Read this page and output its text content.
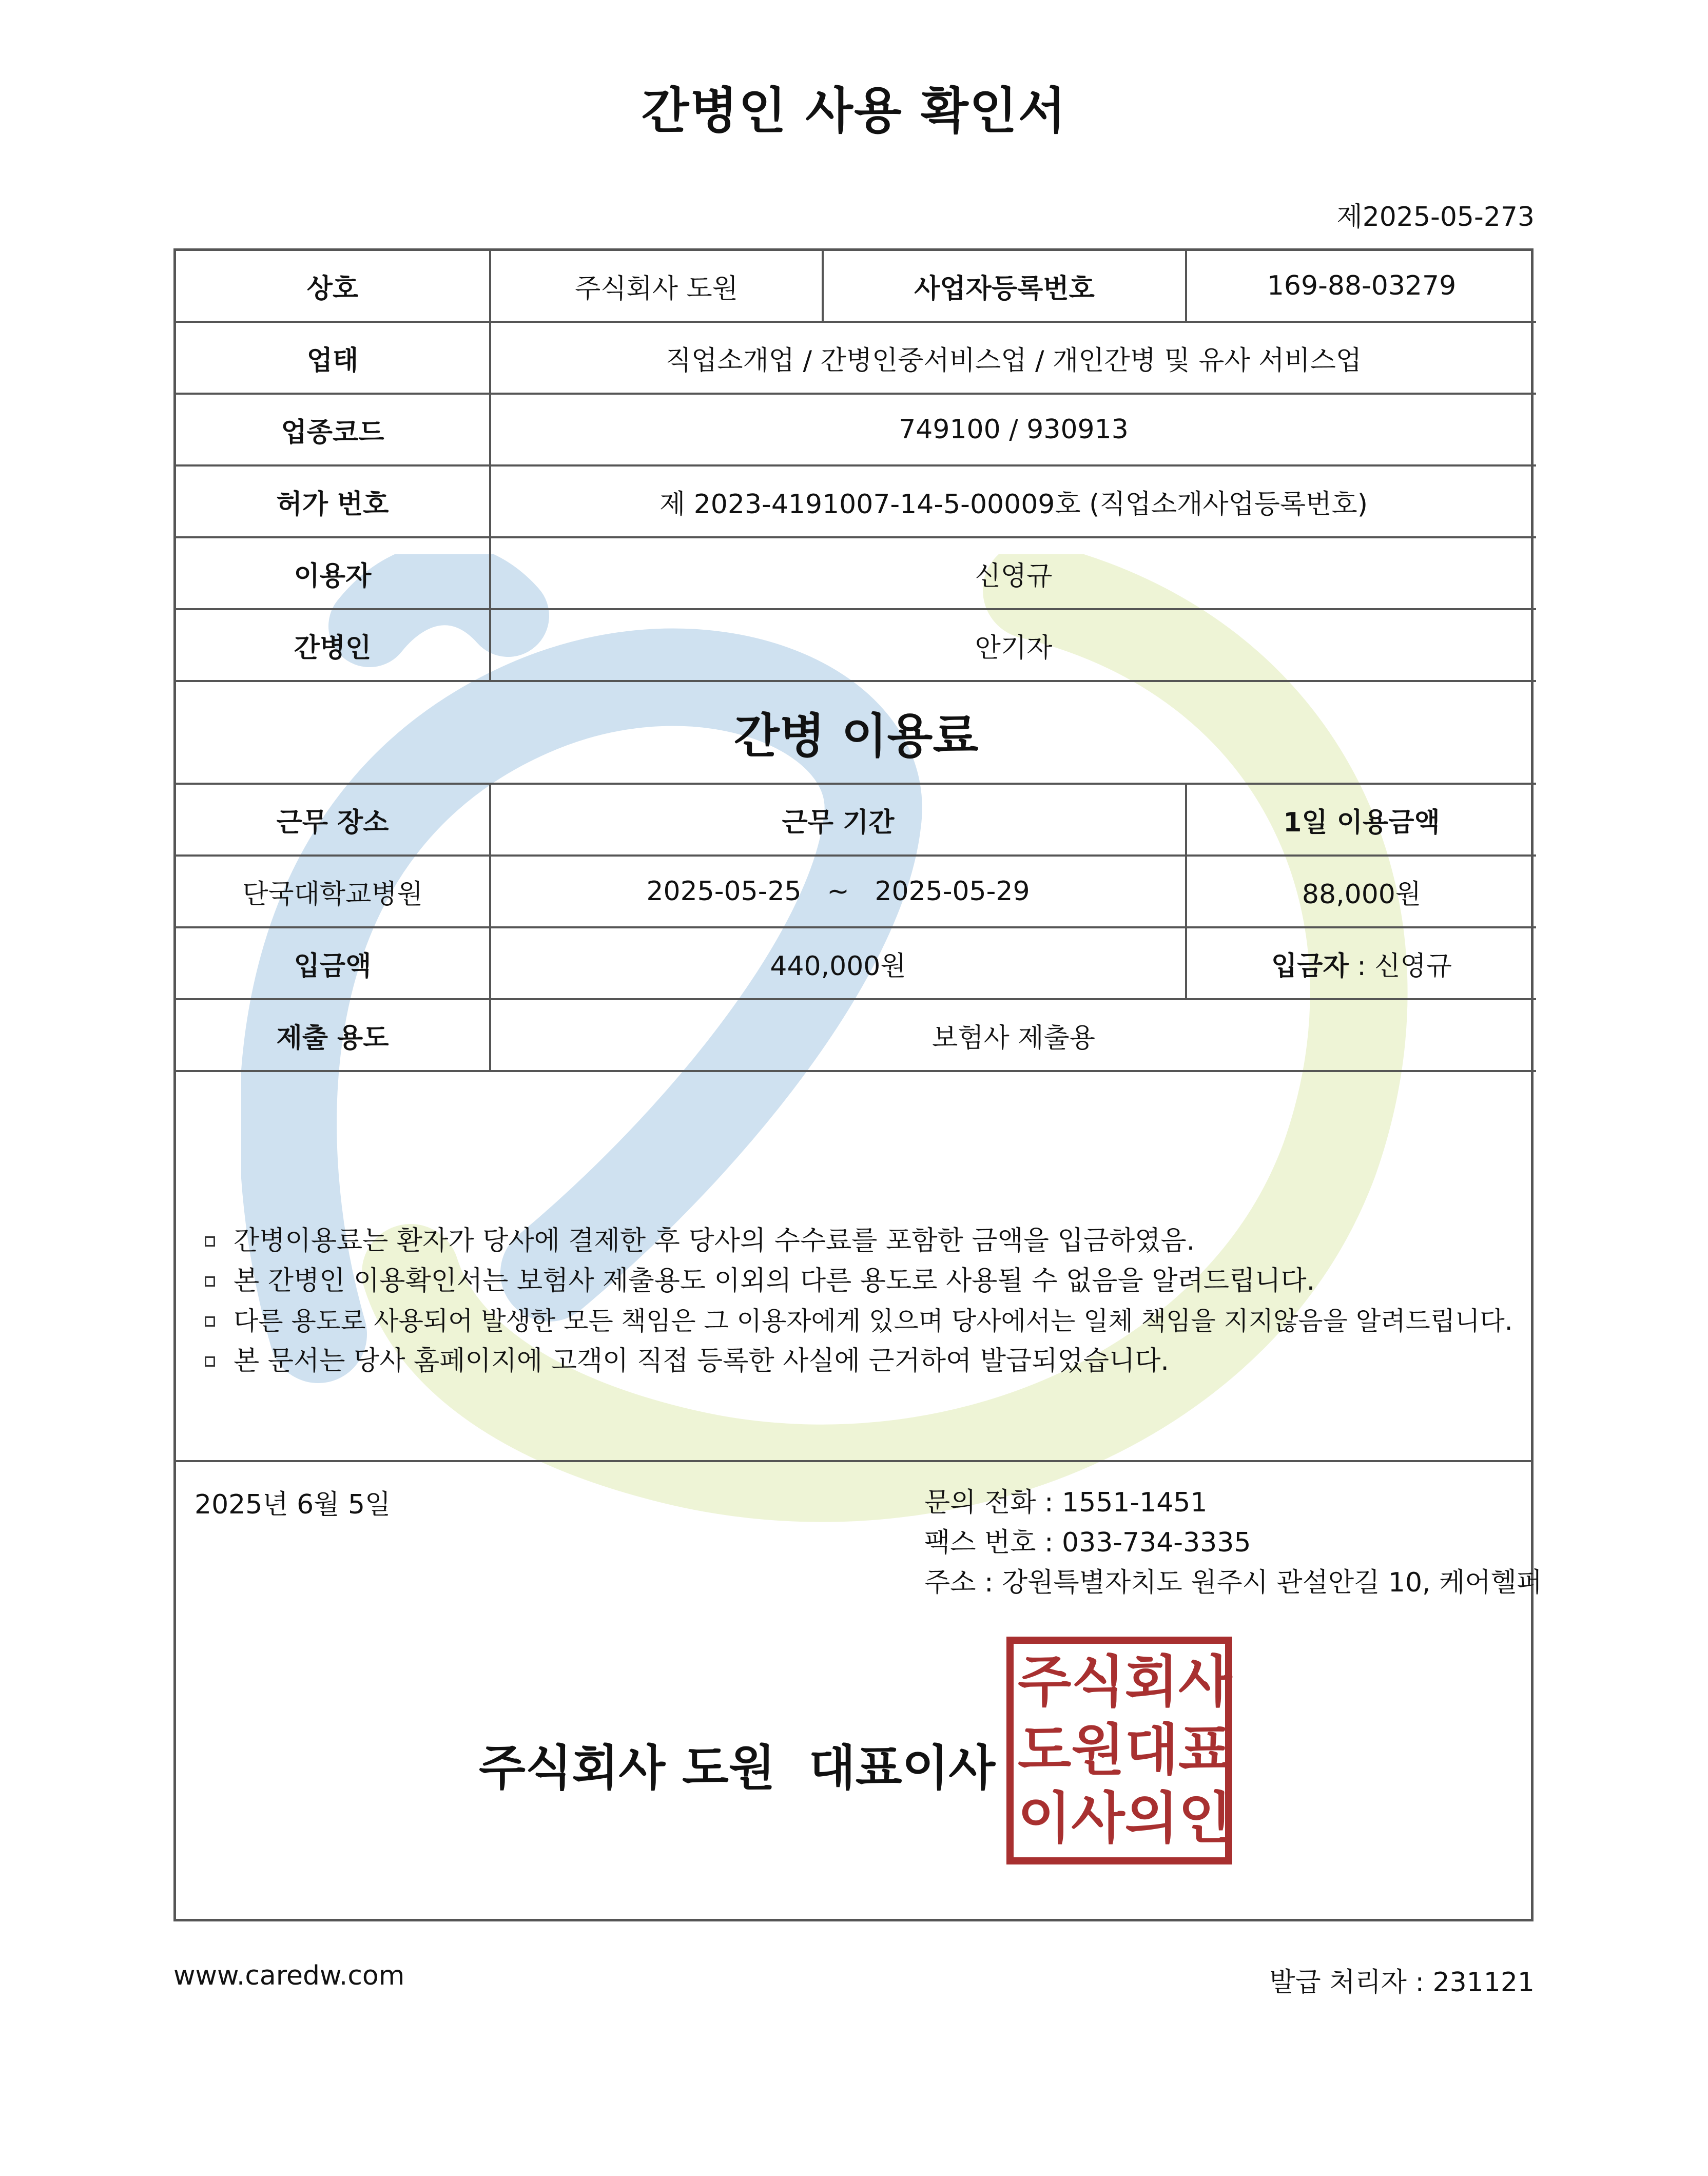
간병인 사용 확인서
제2025-05-273
상호	주식회사 도원	사업자등록번호	169-88-03279
업태	직업소개업 / 간병인중서비스업 / 개인간병 및 유사 서비스업		
업종코드	749100 / 930913		
허가 번호	제 2023-4191007-14-5-00009호 (직업소개사업등록번호)		
이용자	신영규		
간병인	안기자		
간병 이용료			
근무 장소	근무 기간		1일 이용금액
단국대학교병원	2025-05-25   ~   2025-05-29		88,000원
입금액	440,000원		입금자 : 신영규
제출 용도	보험사 제출용		
간병이용료는 환자가 당사에 결제한 후 당사의 수수료를 포함한 금액을 입금하였음.
본 간병인 이용확인서는 보험사 제출용도 이외의 다른 용도로 사용될 수 없음을 알려드립니다.
다른 용도로 사용되어 발생한 모든 책임은 그 이용자에게 있으며 당사에서는 일체 책임을 지지않음을 알려드립니다.
본 문서는 당사 홈페이지에 고객이 직접 등록한 사실에 근거하여 발급되었습니다.
2025년 6월 5일	문의 전화 : 1551-1451
팩스 번호 : 033-734-3335
주소 : 강원특별자치도 원주시 관설안길 10, 케어헬퍼
주식회사 도원  대표이사
주 식 회 사
도 원 대 표
이 사 의 인
www.caredw.com	발급 처리자 : 231121
